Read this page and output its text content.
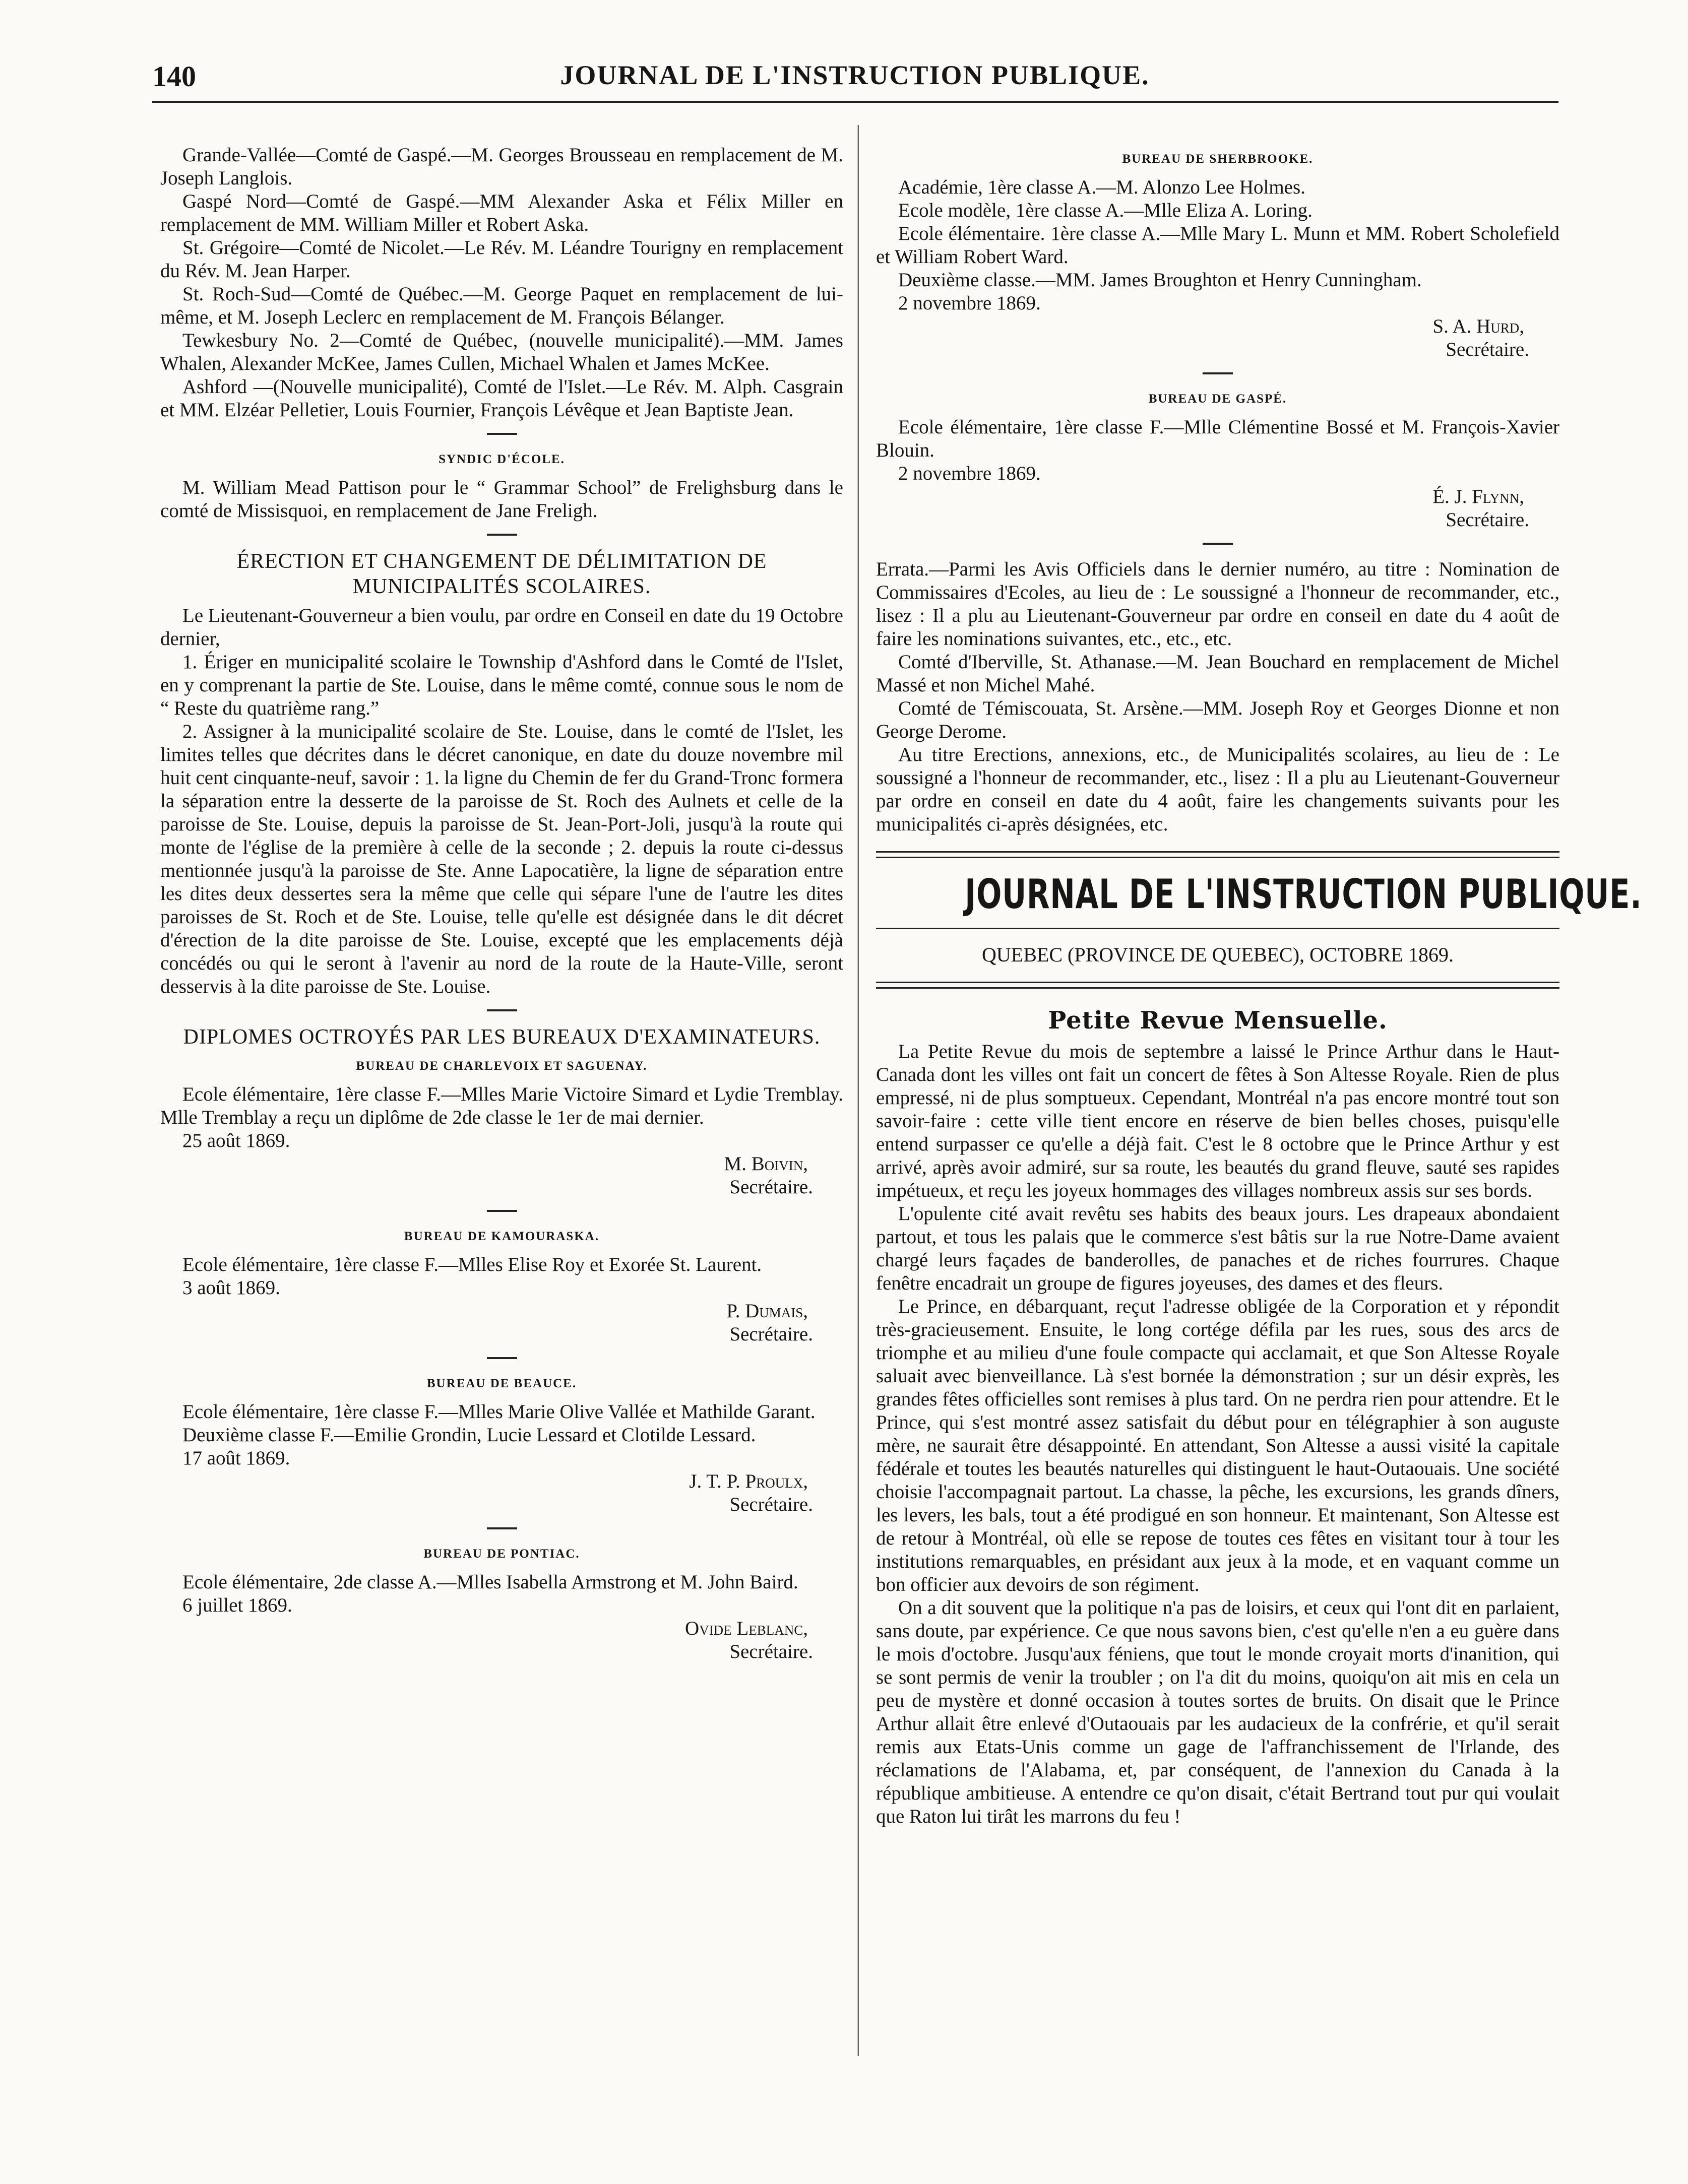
140	JOURNAL DE L'INSTRUCTION PUBLIQUE.

Grande-Vallée—Comté de Gaspé.—M. Georges Brousseau en remplacement de M. Joseph Langlois.

Gaspé Nord—Comté de Gaspé.—MM Alexander Aska et Félix Miller en remplacement de MM. William Miller et Robert Aska.

St. Grégoire—Comté de Nicolet.—Le Rév. M. Léandre Tourigny en remplacement du Rév. M. Jean Harper.

St. Roch-Sud—Comté de Québec.—M. George Paquet en remplacement de lui-même, et M. Joseph Leclerc en remplacement de M. François Bélanger.

Tewkesbury No. 2—Comté de Québec, (nouvelle municipalité).—MM. James Whalen, Alexander McKee, James Cullen, Michael Whalen et James McKee.

Ashford —(Nouvelle municipalité), Comté de l'Islet.—Le Rév. M. Alph. Casgrain et MM. Elzéar Pelletier, Louis Fournier, François Lévêque et Jean Baptiste Jean.

SYNDIC D'ÉCOLE.

M. William Mead Pattison pour le “ Grammar School” de Frelighsburg dans le comté de Missisquoi, en remplacement de Jane Freligh.

ÉRECTION ET CHANGEMENT DE DÉLIMITATION DE MUNICIPALITÉS SCOLAIRES.

Le Lieutenant-Gouverneur a bien voulu, par ordre en Conseil en date du 19 Octobre dernier,

1. Ériger en municipalité scolaire le Township d'Ashford dans le Comté de l'Islet, en y comprenant la partie de Ste. Louise, dans le même comté, connue sous le nom de “ Reste du quatrième rang.”

2. Assigner à la municipalité scolaire de Ste. Louise, dans le comté de l'Islet, les limites telles que décrites dans le décret canonique, en date du douze novembre mil huit cent cinquante-neuf, savoir : 1. la ligne du Chemin de fer du Grand-Tronc formera la séparation entre la desserte de la paroisse de St. Roch des Aulnets et celle de la paroisse de Ste. Louise, depuis la paroisse de St. Jean-Port-Joli, jusqu'à la route qui monte de l'église de la première à celle de la seconde ; 2. depuis la route ci-dessus mentionnée jusqu'à la paroisse de Ste. Anne Lapocatière, la ligne de séparation entre les dites deux dessertes sera la même que celle qui sépare l'une de l'autre les dites paroisses de St. Roch et de Ste. Louise, telle qu'elle est désignée dans le dit décret d'érection de la dite paroisse de Ste. Louise, excepté que les emplacements déjà concédés ou qui le seront à l'avenir au nord de la route de la Haute-Ville, seront desservis à la dite paroisse de Ste. Louise.

DIPLOMES OCTROYÉS PAR LES BUREAUX D'EXAMINATEURS.

BUREAU DE CHARLEVOIX ET SAGUENAY.

Ecole élémentaire, 1ère classe F.—Mlles Marie Victoire Simard et Lydie Tremblay. Mlle Tremblay a reçu un diplôme de 2de classe le 1er de mai dernier.

25 août 1869.

M. Boivin,

Secrétaire.

BUREAU DE KAMOURASKA.

Ecole élémentaire, 1ère classe F.—Mlles Elise Roy et Exorée St. Laurent.

3 août 1869.

P. Dumais,

Secrétaire.

BUREAU DE BEAUCE.

Ecole élémentaire, 1ère classe F.—Mlles Marie Olive Vallée et Mathilde Garant.

Deuxième classe F.—Emilie Grondin, Lucie Lessard et Clotilde Lessard.

17 août 1869.

J. T. P. Proulx,

Secrétaire.

BUREAU DE PONTIAC.

Ecole élémentaire, 2de classe A.—Mlles Isabella Armstrong et M. John Baird.

6 juillet 1869.

Ovide Leblanc,

Secrétaire.

BUREAU DE SHERBROOKE.

Académie, 1ère classe A.—M. Alonzo Lee Holmes.

Ecole modèle, 1ère classe A.—Mlle Eliza A. Loring.

Ecole élémentaire. 1ère classe A.—Mlle Mary L. Munn et MM. Robert Scholefield et William Robert Ward.

Deuxième classe.—MM. James Broughton et Henry Cunningham.

2 novembre 1869.

S. A. Hurd,

Secrétaire.

BUREAU DE GASPÉ.

Ecole élémentaire, 1ère classe F.—Mlle Clémentine Bossé et M. François-Xavier Blouin.

2 novembre 1869.

É. J. Flynn,

Secrétaire.

Errata.—Parmi les Avis Officiels dans le dernier numéro, au titre : Nomination de Commissaires d'Ecoles, au lieu de : Le soussigné a l'honneur de recommander, etc., lisez : Il a plu au Lieutenant-Gouverneur par ordre en conseil en date du 4 août de faire les nominations suivantes, etc., etc., etc.

Comté d'Iberville, St. Athanase.—M. Jean Bouchard en remplacement de Michel Massé et non Michel Mahé.

Comté de Témiscouata, St. Arsène.—MM. Joseph Roy et Georges Dionne et non George Derome.

Au titre Erections, annexions, etc., de Municipalités scolaires, au lieu de : Le soussigné a l'honneur de recommander, etc., lisez : Il a plu au Lieutenant-Gouverneur par ordre en conseil en date du 4 août, faire les changements suivants pour les municipalités ci-après désignées, etc.

JOURNAL DE L'INSTRUCTION PUBLIQUE.

QUEBEC (PROVINCE DE QUEBEC), OCTOBRE 1869.

Petite Revue Mensuelle.

La Petite Revue du mois de septembre a laissé le Prince Arthur dans le Haut-Canada dont les villes ont fait un concert de fêtes à Son Altesse Royale. Rien de plus empressé, ni de plus somptueux. Cependant, Montréal n'a pas encore montré tout son savoir-faire : cette ville tient encore en réserve de bien belles choses, puisqu'elle entend surpasser ce qu'elle a déjà fait. C'est le 8 octobre que le Prince Arthur y est arrivé, après avoir admiré, sur sa route, les beautés du grand fleuve, sauté ses rapides impétueux, et reçu les joyeux hommages des villages nombreux assis sur ses bords.

L'opulente cité avait revêtu ses habits des beaux jours. Les drapeaux abondaient partout, et tous les palais que le commerce s'est bâtis sur la rue Notre-Dame avaient chargé leurs façades de banderolles, de panaches et de riches fourrures. Chaque fenêtre encadrait un groupe de figures joyeuses, des dames et des fleurs.

Le Prince, en débarquant, reçut l'adresse obligée de la Corporation et y répondit très-gracieusement. Ensuite, le long cortége défila par les rues, sous des arcs de triomphe et au milieu d'une foule compacte qui acclamait, et que Son Altesse Royale saluait avec bienveillance. Là s'est bornée la démonstration ; sur un désir exprès, les grandes fêtes officielles sont remises à plus tard. On ne perdra rien pour attendre. Et le Prince, qui s'est montré assez satisfait du début pour en télégraphier à son auguste mère, ne saurait être désappointé. En attendant, Son Altesse a aussi visité la capitale fédérale et toutes les beautés naturelles qui distinguent le haut-Outaouais. Une société choisie l'accompagnait partout. La chasse, la pêche, les excursions, les grands dîners, les levers, les bals, tout a été prodigué en son honneur. Et maintenant, Son Altesse est de retour à Montréal, où elle se repose de toutes ces fêtes en visitant tour à tour les institutions remarquables, en présidant aux jeux à la mode, et en vaquant comme un bon officier aux devoirs de son régiment.

On a dit souvent que la politique n'a pas de loisirs, et ceux qui l'ont dit en parlaient, sans doute, par expérience. Ce que nous savons bien, c'est qu'elle n'en a eu guère dans le mois d'octobre. Jusqu'aux féniens, que tout le monde croyait morts d'inanition, qui se sont permis de venir la troubler ; on l'a dit du moins, quoiqu'on ait mis en cela un peu de mystère et donné occasion à toutes sortes de bruits. On disait que le Prince Arthur allait être enlevé d'Outaouais par les audacieux de la confrérie, et qu'il serait remis aux Etats-Unis comme un gage de l'affranchissement de l'Irlande, des réclamations de l'Alabama, et, par conséquent, de l'annexion du Canada à la république ambitieuse. A entendre ce qu'on disait, c'était Bertrand tout pur qui voulait que Raton lui tirât les marrons du feu !
